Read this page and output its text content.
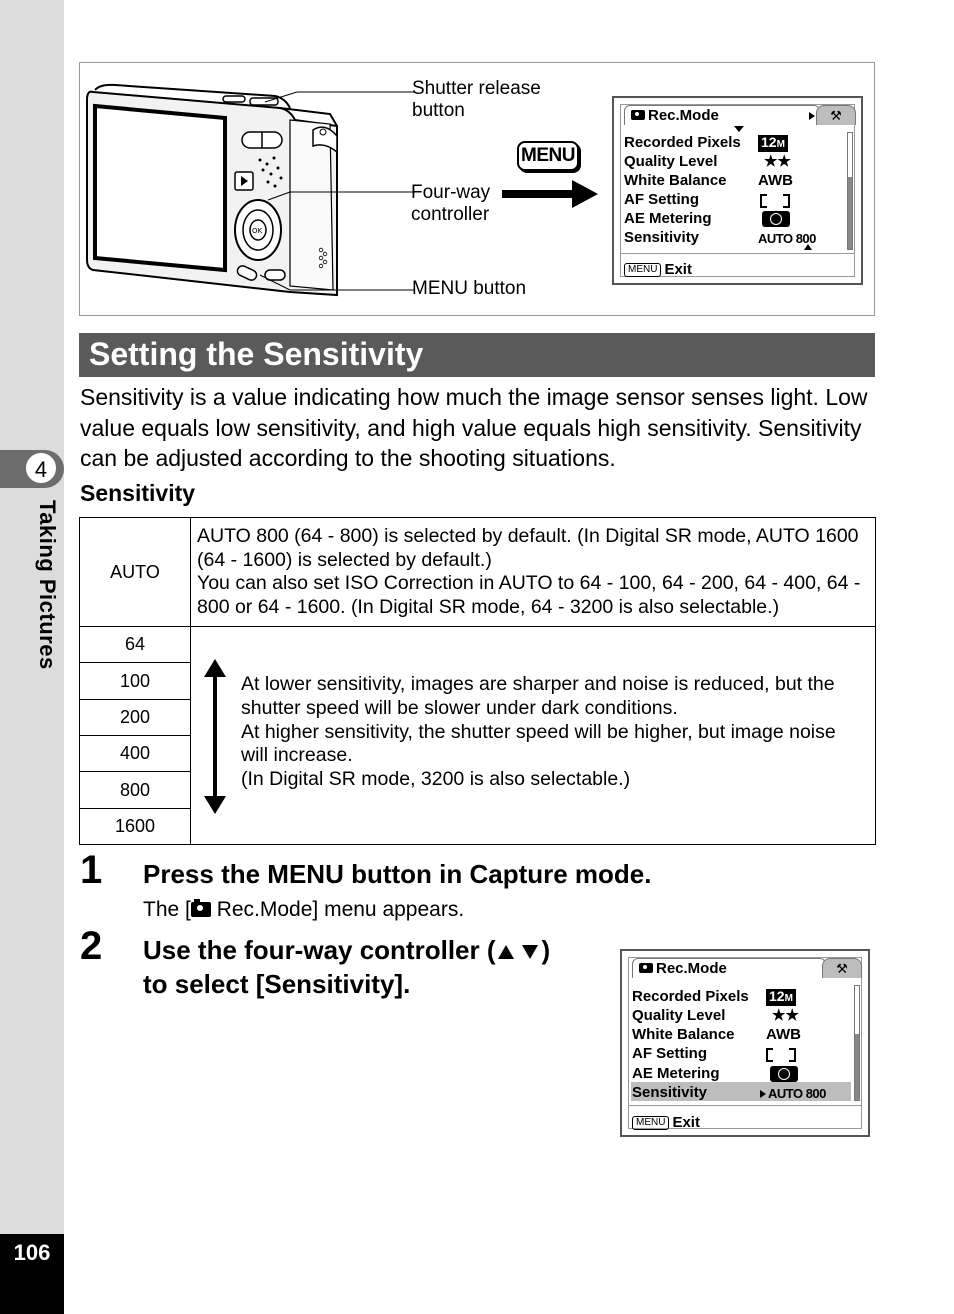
4
Taking Pictures
106
OK
Shutter release
button
Four-way
controller
MENU button
MENU
Rec.Mode	⚒
Recorded Pixels
Quality Level
White Balance
AF Setting
AE Metering
Sensitivity
12M
★★
AWB
AUTO 800
MENU Exit
Setting the Sensitivity
Sensitivity is a value indicating how much the image sensor senses light. Low value equals low sensitivity, and high value equals high sensitivity. Sensitivity can be adjusted according to the shooting situations.
Sensitivity
AUTO	AUTO 800 (64 - 800) is selected by default. (In Digital SR mode, AUTO 1600 (64 - 1600) is selected by default.)
You can also set ISO Correction in AUTO to 64 - 100, 64 - 200, 64 - 400, 64 - 800 or 64 - 1600. (In Digital SR mode, 64 - 3200 is also selectable.)
64	At lower sensitivity, images are sharper and noise is reduced, but the shutter speed will be slower under dark conditions.
At higher sensitivity, the shutter speed will be higher, but image noise will increase.
(In Digital SR mode, 3200 is also selectable.)

100	
200	
400	
800	
1600	
1 Press the MENU button in Capture mode.
The [ Rec.Mode] menu appears.
2 Use the four-way controller ( )
to select [Sensitivity].
Rec.Mode	⚒
Recorded Pixels
Quality Level
White Balance
AF Setting
AE Metering
Sensitivity
12M
★★
AWB
AUTO 800
MENU Exit
